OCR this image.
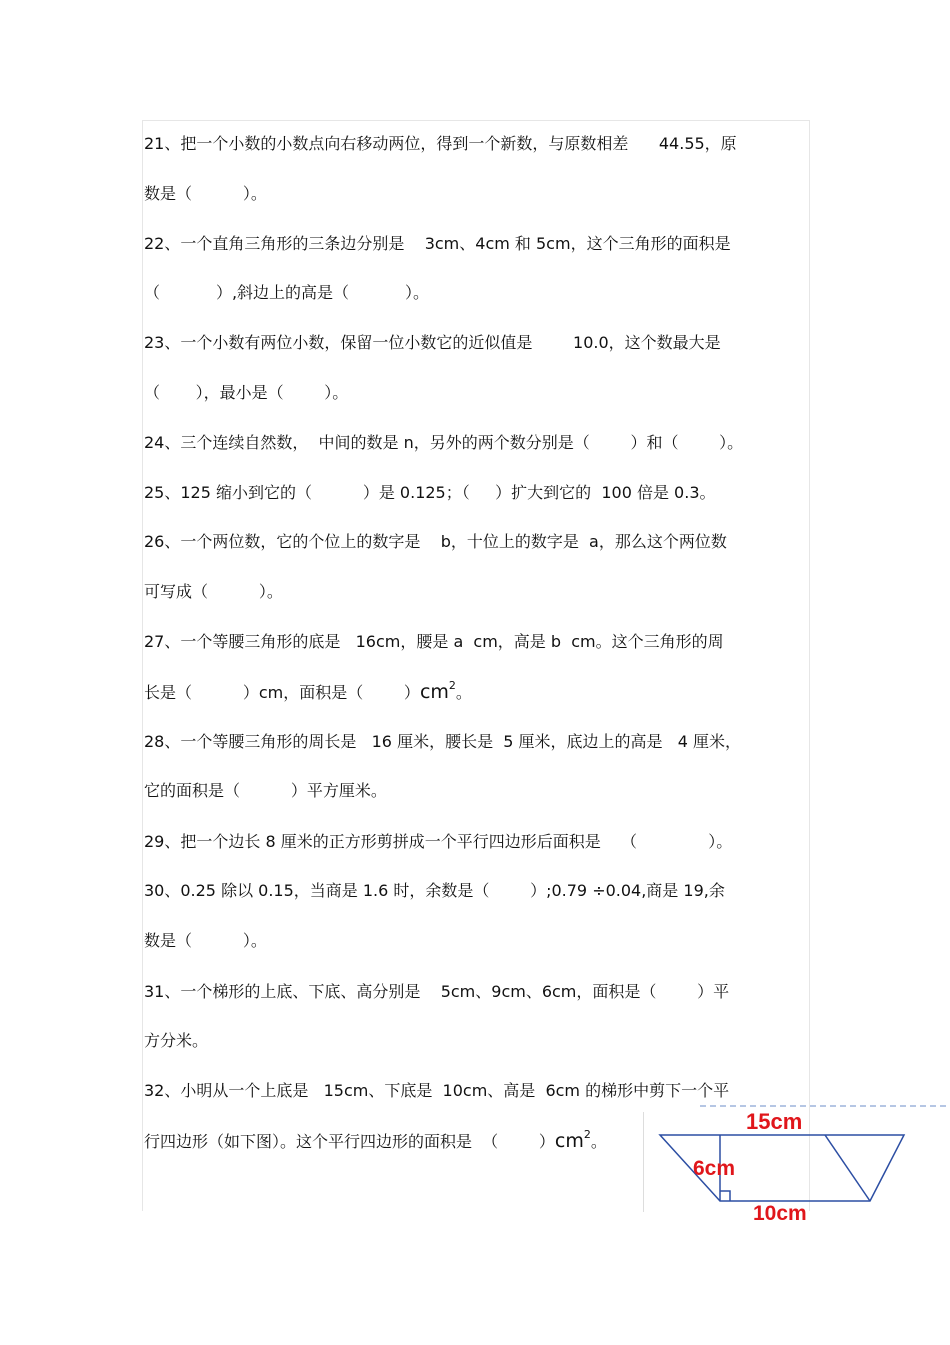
21、把一个小数的小数点向右移动两位，得到一个新数，与原数相差      44.55，原
数是（          ）。
22、一个直角三角形的三条边分别是    3cm、4cm 和 5cm，这个三角形的面积是
（           ）,斜边上的高是（           ）。
23、一个小数有两位小数，保留一位小数它的近似值是        10.0，这个数最大是
（       ），最小是（        ）。
24、三个连续自然数，  中间的数是 n，另外的两个数分别是（        ）和（        ）。
25、125 缩小到它的（          ）是 0.125；（     ）扩大到它的  100 倍是 0.3。
26、一个两位数，它的个位上的数字是    b，十位上的数字是  a，那么这个两位数
可写成（          ）。
27、一个等腰三角形的底是   16cm，腰是 a  cm，高是 b  cm。这个三角形的周
长是（          ）cm，面积是（        ）$cm^2$。
28、一个等腰三角形的周长是   16 厘米，腰长是  5 厘米，底边上的高是   4 厘米，
它的面积是（          ）平方厘米。
29、把一个边长 8 厘米的正方形剪拼成一个平行四边形后面积是    （              ）。
30、0.25 除以 0.15，当商是 1.6 时，余数是（        ）;0.79 ÷0.04,商是 19,余
数是（          ）。
31、一个梯形的上底、下底、高分别是    5cm、9cm、6cm，面积是（        ）平
方分米。
32、小明从一个上底是   15cm、下底是  10cm、高是  6cm 的梯形中剪下一个平
行四边形（如下图）。这个平行四边形的面积是  （        ）$cm^2$。
15cm
6cm
10cm
